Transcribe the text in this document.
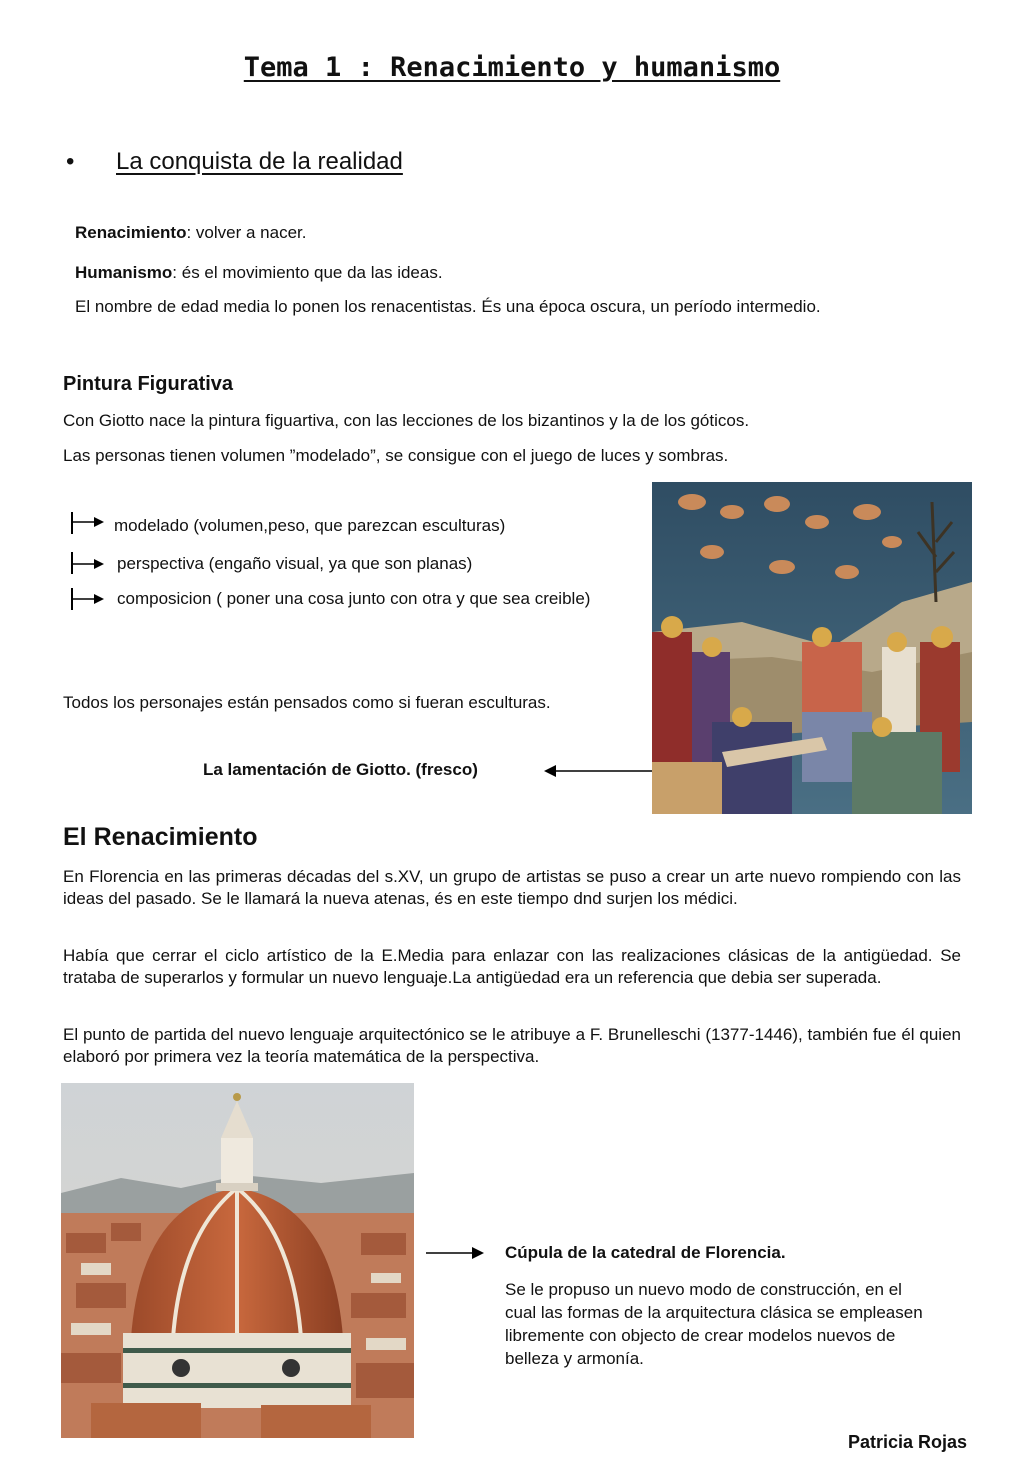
Tema 1 : Renacimiento y humanismo
• La conquista de la realidad
Renacimiento: volver a nacer.
Humanismo: és el movimiento que da las ideas.
El nombre de edad media lo ponen los renacentistas. És una época oscura, un período intermedio.
Pintura Figurativa
Con Giotto nace la pintura figuartiva, con las lecciones de los bizantinos y la de los góticos.
Las personas tienen volumen ”modelado”, se consigue con el juego de luces y sombras.
modelado (volumen,peso, que parezcan esculturas)
perspectiva (engaño visual, ya que son planas)
composicion ( poner una cosa junto con otra y que sea creible)
Todos los personajes están pensados como si fueran esculturas.
La lamentación de Giotto. (fresco)
El Renacimiento
En Florencia en las primeras décadas del s.XV, un grupo de artistas se puso a crear un arte nuevo rompiendo con las ideas del pasado. Se le llamará la nueva atenas, és en este tiempo dnd surjen los médici.
Había que cerrar el ciclo artístico de la E.Media para enlazar con las realizaciones clásicas de la antigüedad. Se trataba de superarlos y formular un nuevo lenguaje.La antigüedad era un referencia que debia ser superada.
El punto de partida del nuevo lenguaje arquitectónico se le atribuye a F. Brunelleschi (1377-1446), también fue él quien elaboró por primera vez la teoría matemática de la perspectiva.
Cúpula de la catedral de Florencia.
Se le propuso un nuevo modo de construcción, en el cual las formas de la arquitectura clásica se empleasen libremente con objecto de crear modelos nuevos de belleza y armonía.
Patricia Rojas
